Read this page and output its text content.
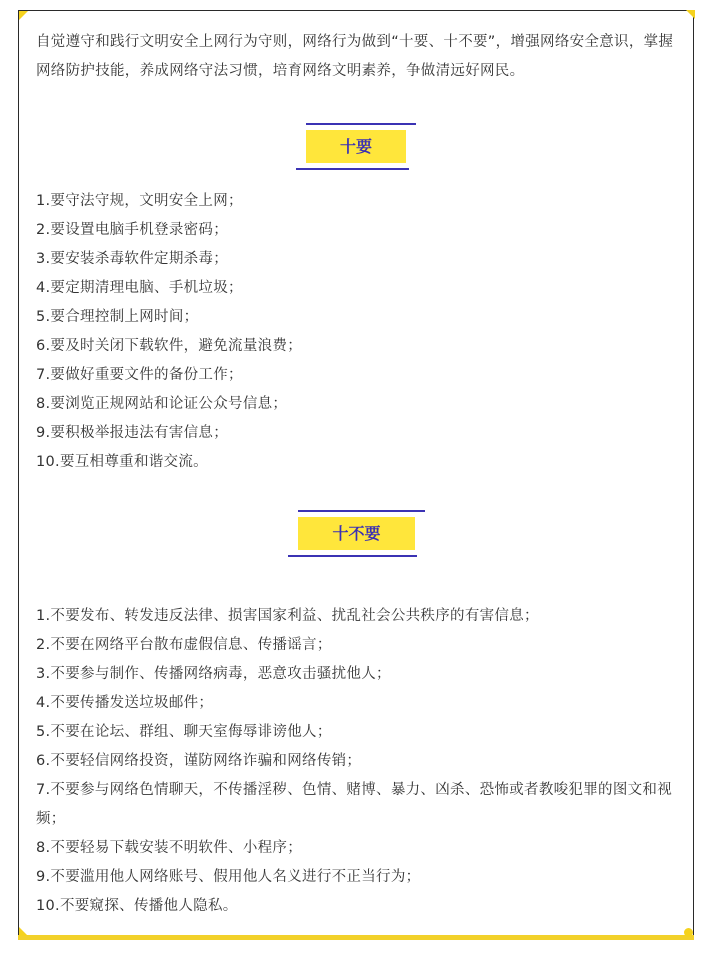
自觉遵守和践行文明安全上网行为守则，网络行为做到“十要、十不要”，增强网络安全意识，掌握网络防护技能，养成网络守法习惯，培育网络文明素养，争做清远好网民。

十要
1.要守法守规，文明安全上网；
2.要设置电脑手机登录密码；
3.要安装杀毒软件定期杀毒；
4.要定期清理电脑、手机垃圾；
5.要合理控制上网时间；
6.要及时关闭下载软件，避免流量浪费；
7.要做好重要文件的备份工作；
8.要浏览正规网站和论证公众号信息；
9.要积极举报违法有害信息；
10.要互相尊重和谐交流。
十不要
1.不要发布、转发违反法律、损害国家利益、扰乱社会公共秩序的有害信息；
2.不要在网络平台散布虚假信息、传播谣言；
3.不要参与制作、传播网络病毒，恶意攻击骚扰他人；
4.不要传播发送垃圾邮件；
5.不要在论坛、群组、聊天室侮辱诽谤他人；
6.不要轻信网络投资，谨防网络诈骗和网络传销；
7.不要参与网络色情聊天，不传播淫秽、色情、赌博、暴力、凶杀、恐怖或者教唆犯罪的图文和视频；
8.不要轻易下载安装不明软件、小程序；
9.不要滥用他人网络账号、假用他人名义进行不正当行为；
10.不要窥探、传播他人隐私。
